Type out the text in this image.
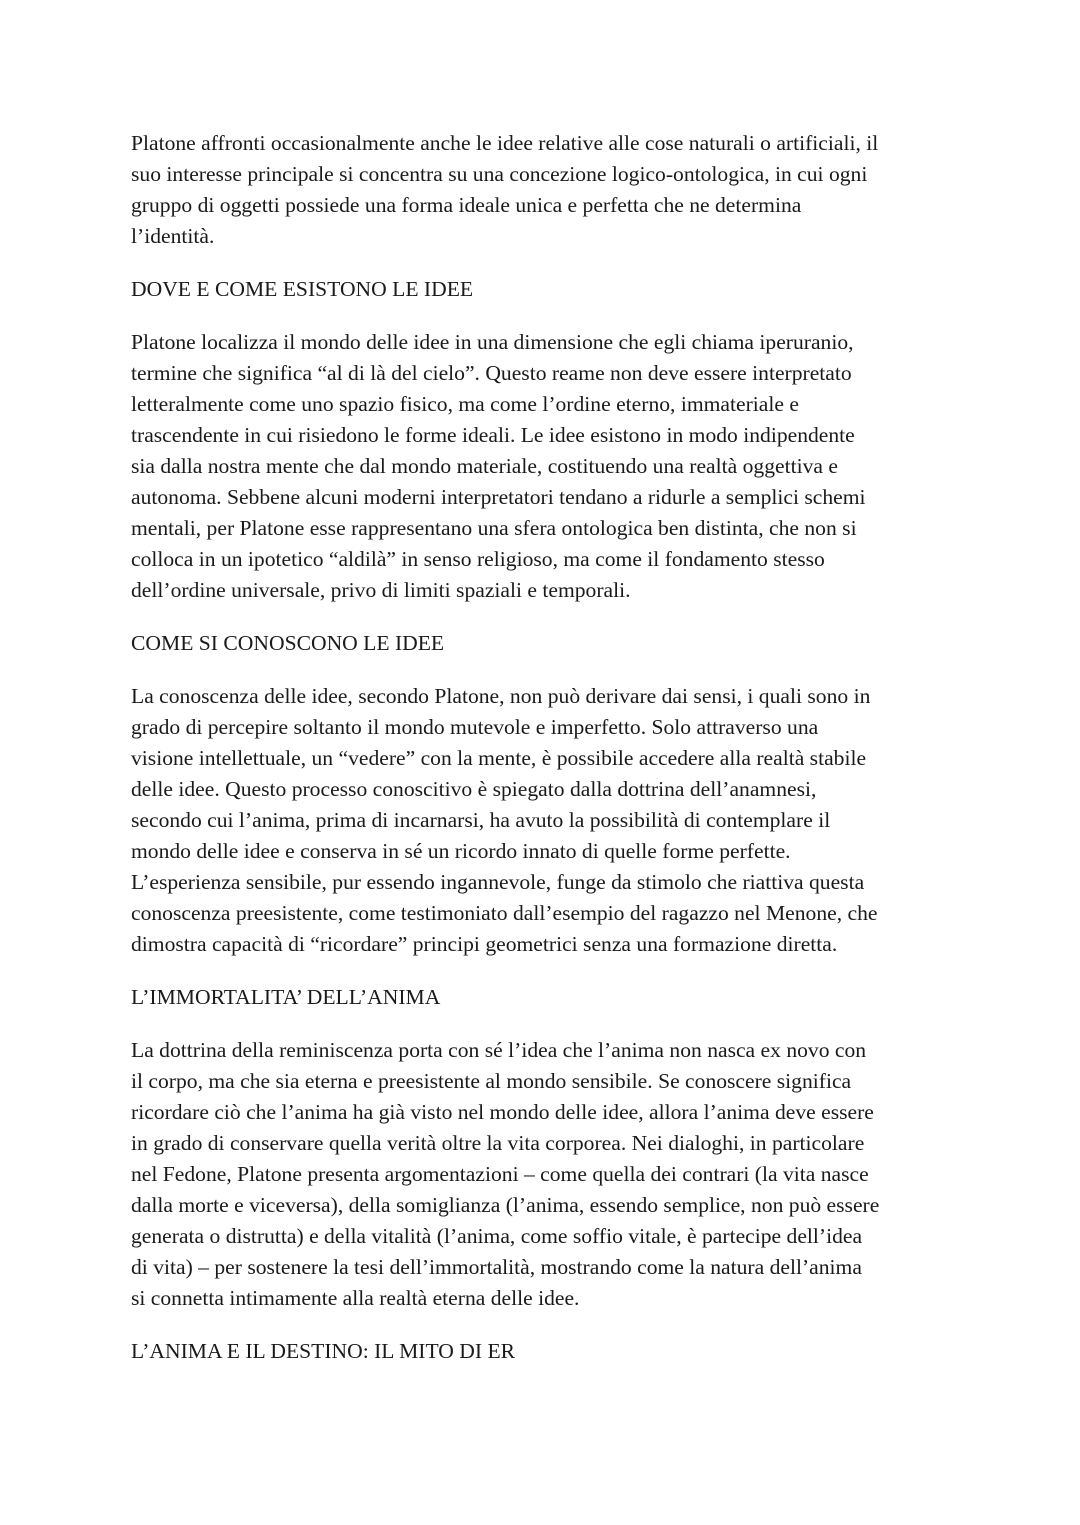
Platone affronti occasionalmente anche le idee relative alle cose naturali o artificiali, il
suo interesse principale si concentra su una concezione logico-ontologica, in cui ogni
gruppo di oggetti possiede una forma ideale unica e perfetta che ne determina
l’identità.

DOVE E COME ESISTONO LE IDEE

Platone localizza il mondo delle idee in una dimensione che egli chiama iperuranio,
termine che significa “al di là del cielo”. Questo reame non deve essere interpretato
letteralmente come uno spazio fisico, ma come l’ordine eterno, immateriale e
trascendente in cui risiedono le forme ideali. Le idee esistono in modo indipendente
sia dalla nostra mente che dal mondo materiale, costituendo una realtà oggettiva e
autonoma. Sebbene alcuni moderni interpretatori tendano a ridurle a semplici schemi
mentali, per Platone esse rappresentano una sfera ontologica ben distinta, che non si
colloca in un ipotetico “aldilà” in senso religioso, ma come il fondamento stesso
dell’ordine universale, privo di limiti spaziali e temporali.

COME SI CONOSCONO LE IDEE

La conoscenza delle idee, secondo Platone, non può derivare dai sensi, i quali sono in
grado di percepire soltanto il mondo mutevole e imperfetto. Solo attraverso una
visione intellettuale, un “vedere” con la mente, è possibile accedere alla realtà stabile
delle idee. Questo processo conoscitivo è spiegato dalla dottrina dell’anamnesi,
secondo cui l’anima, prima di incarnarsi, ha avuto la possibilità di contemplare il
mondo delle idee e conserva in sé un ricordo innato di quelle forme perfette.
L’esperienza sensibile, pur essendo ingannevole, funge da stimolo che riattiva questa
conoscenza preesistente, come testimoniato dall’esempio del ragazzo nel Menone, che
dimostra capacità di “ricordare” principi geometrici senza una formazione diretta.

L’IMMORTALITA’ DELL’ANIMA

La dottrina della reminiscenza porta con sé l’idea che l’anima non nasca ex novo con
il corpo, ma che sia eterna e preesistente al mondo sensibile. Se conoscere significa
ricordare ciò che l’anima ha già visto nel mondo delle idee, allora l’anima deve essere
in grado di conservare quella verità oltre la vita corporea. Nei dialoghi, in particolare
nel Fedone, Platone presenta argomentazioni – come quella dei contrari (la vita nasce
dalla morte e viceversa), della somiglianza (l’anima, essendo semplice, non può essere
generata o distrutta) e della vitalità (l’anima, come soffio vitale, è partecipe dell’idea
di vita) – per sostenere la tesi dell’immortalità, mostrando come la natura dell’anima
si connetta intimamente alla realtà eterna delle idee.

L’ANIMA E IL DESTINO: IL MITO DI ER
